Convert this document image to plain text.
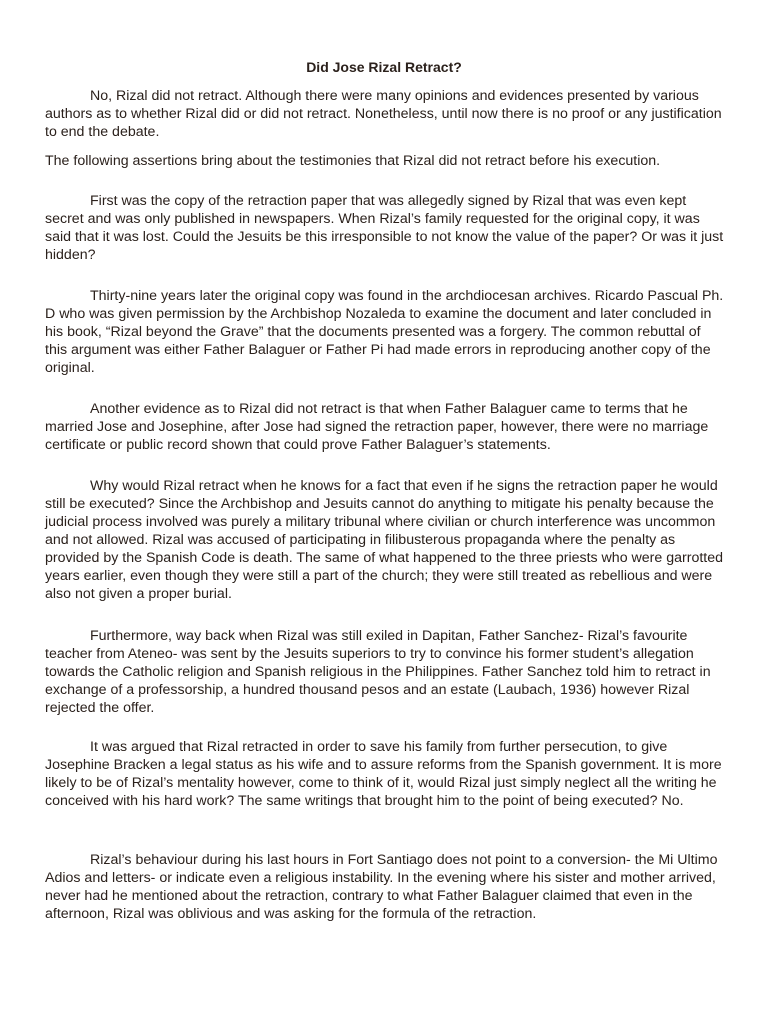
Did Jose Rizal Retract?

No, Rizal did not retract. Although there were many opinions and evidences presented by various authors as to whether Rizal did or did not retract. Nonetheless, until now there is no proof or any justification to end the debate.

The following assertions bring about the testimonies that Rizal did not retract before his execution.

First was the copy of the retraction paper that was allegedly signed by Rizal that was even kept secret and was only published in newspapers. When Rizal’s family requested for the original copy, it was said that it was lost. Could the Jesuits be this irresponsible to not know the value of the paper? Or was it just hidden?

Thirty-nine years later the original copy was found in the archdiocesan archives. Ricardo Pascual Ph. D who was given permission by the Archbishop Nozaleda to examine the document and later concluded in his book, “Rizal beyond the Grave” that the documents presented was a forgery. The common rebuttal of this argument was either Father Balaguer or Father Pi had made errors in reproducing another copy of the original.

Another evidence as to Rizal did not retract is that when Father Balaguer came to terms that he married Jose and Josephine, after Jose had signed the retraction paper, however, there were no marriage certificate or public record shown that could prove Father Balaguer’s statements.

Why would Rizal retract when he knows for a fact that even if he signs the retraction paper he would still be executed? Since the Archbishop and Jesuits cannot do anything to mitigate his penalty because the judicial process involved was purely a military tribunal where civilian or church interference was uncommon and not allowed. Rizal was accused of participating in filibusterous propaganda where the penalty as provided by the Spanish Code is death. The same of what happened to the three priests who were garrotted years earlier, even though they were still a part of the church; they were still treated as rebellious and were also not given a proper burial.

Furthermore, way back when Rizal was still exiled in Dapitan, Father Sanchez- Rizal’s favourite teacher from Ateneo- was sent by the Jesuits superiors to try to convince his former student’s allegation towards the Catholic religion and Spanish religious in the Philippines. Father Sanchez told him to retract in exchange of a professorship, a hundred thousand pesos and an estate (Laubach, 1936) however Rizal rejected the offer.

It was argued that Rizal retracted in order to save his family from further persecution, to give Josephine Bracken a legal status as his wife and to assure reforms from the Spanish government. It is more likely to be of Rizal’s mentality however, come to think of it, would Rizal just simply neglect all the writing he conceived with his hard work? The same writings that brought him to the point of being executed? No.

Rizal’s behaviour during his last hours in Fort Santiago does not point to a conversion- the Mi Ultimo Adios and letters- or indicate even a religious instability. In the evening where his sister and mother arrived, never had he mentioned about the retraction, contrary to what Father Balaguer claimed that even in the afternoon, Rizal was oblivious and was asking for the formula of the retraction.
